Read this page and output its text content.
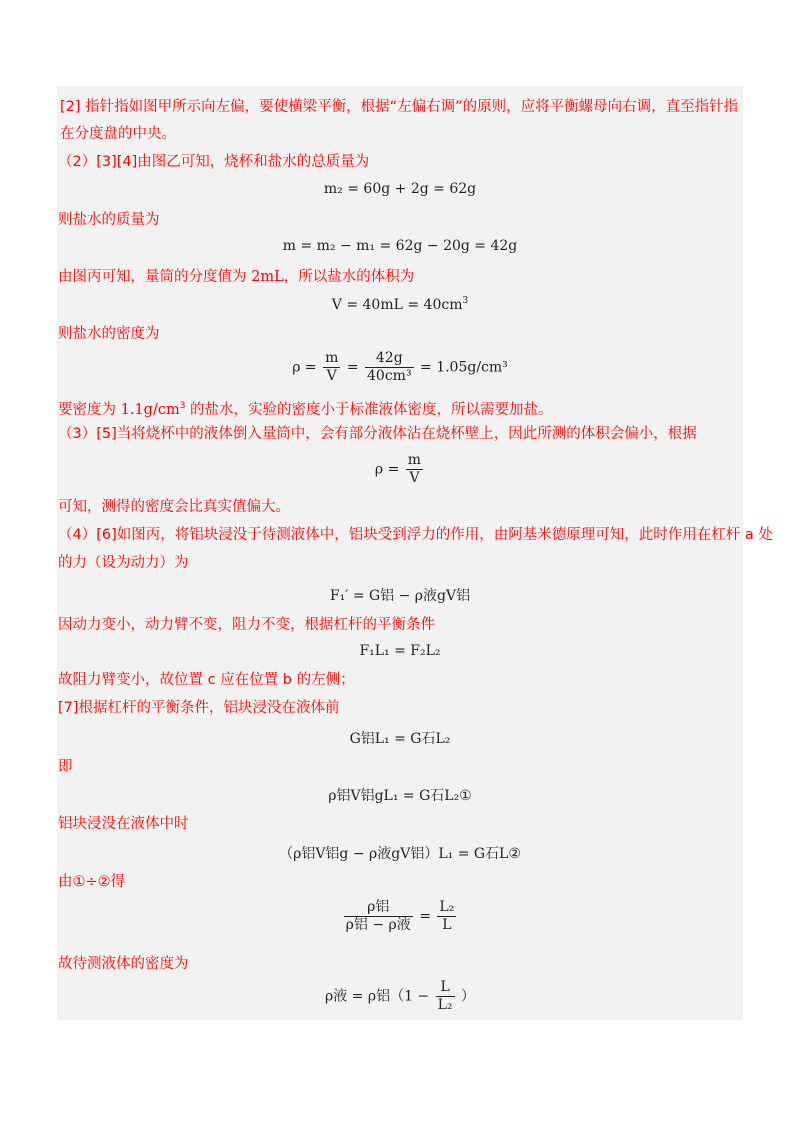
[2] 指针指如图甲所示向左偏，要使横梁平衡，根据“左偏右调”的原则，应将平衡螺母向右调，直至指针指
在分度盘的中央。
（2）[3][4]由图乙可知，烧杯和盐水的总质量为
m₂ = 60g + 2g = 62g
则盐水的质量为
m = m₂ − m₁ = 62g − 20g = 42g
由图丙可知，量筒的分度值为 2mL，所以盐水的体积为
$V = 40mL = 40cm^3$
则盐水的密度为
$\rho = \frac{m}{V} = \frac{42g}{\text{40cm³}} = 1.05g/cm^3$
要密度为 $1.1g/cm^3$ 的盐水，实验的密度小于标准液体密度，所以需要加盐。
（3）[5]当将烧杯中的液体倒入量筒中，会有部分液体沾在烧杯壁上，因此所测的体积会偏小，根据
$\rho = \frac{m}{V}$
可知，测得的密度会比真实值偏大。
（4）[6]如图丙，将铝块浸没于待测液体中，铝块受到浮力的作用，由阿基米德原理可知，此时作用在杠杆 a 处
的力（设为动力）为
F₁′ = G铝 − ρ液gV铝
因动力变小，动力臂不变，阻力不变，根据杠杆的平衡条件
F₁L₁ = F₂L₂
故阻力臂变小，故位置 c 应在位置 b 的左侧；
[7]根据杠杆的平衡条件，铝块浸没在液体前
G铝L₁ = G石L₂
即
ρ铝V铝gL₁ = G石L₂①
铝块浸没在液体中时
（ρ铝V铝g − ρ液gV铝）L₁ = G石L②
由①÷②得
ρ铝
ρ铝 − ρ液
= $\frac{\text{L₂}}{L}$
故待测液体的密度为
ρ液 = ρ铝（$1 - \frac{L}{\text{L₂}}$ ）
